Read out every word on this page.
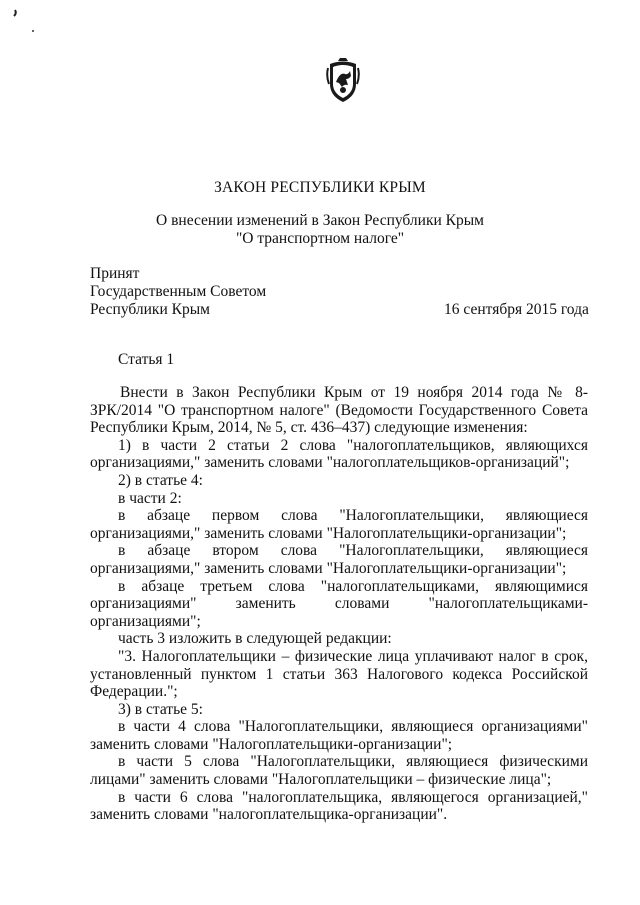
ЗАКОН РЕСПУБЛИКИ КРЫМ
О внесении изменений в Закон Республики Крым
"О транспортном налоге"
Принят
Государственным Советом
Республики Крым	16 сентября 2015 года
Статья 1

Внести в Закон Республики Крым от 19 ноября 2014 года № 8-ЗРК/2014 "О транспортном налоге" (Ведомости Государственного Совета Республики Крым, 2014, № 5, ст. 436–437) следующие изменения:

1) в части 2 статьи 2 слова "налогоплательщиков, являющихся организациями," заменить словами "налогоплательщиков-организаций";

2) в статье 4:

в части 2:

в абзаце первом слова "Налогоплательщики, являющиеся организациями," заменить словами "Налогоплательщики-организации";

в абзаце втором слова "Налогоплательщики, являющиеся организациями," заменить словами "Налогоплательщики-организации";

в абзаце третьем слова "налогоплательщиками, являющимися организациями" заменить словами "налогоплательщиками-организациями";

часть 3 изложить в следующей редакции:

"3. Налогоплательщики – физические лица уплачивают налог в срок, установленный пунктом 1 статьи 363 Налогового кодекса Российской Федерации.";

3) в статье 5:

в части 4 слова "Налогоплательщики, являющиеся организациями" заменить словами "Налогоплательщики-организации";

в части 5 слова "Налогоплательщики, являющиеся физическими лицами" заменить словами "Налогоплательщики – физические лица";

в части 6 слова "налогоплательщика, являющегося организацией," заменить словами "налогоплательщика-организации".
